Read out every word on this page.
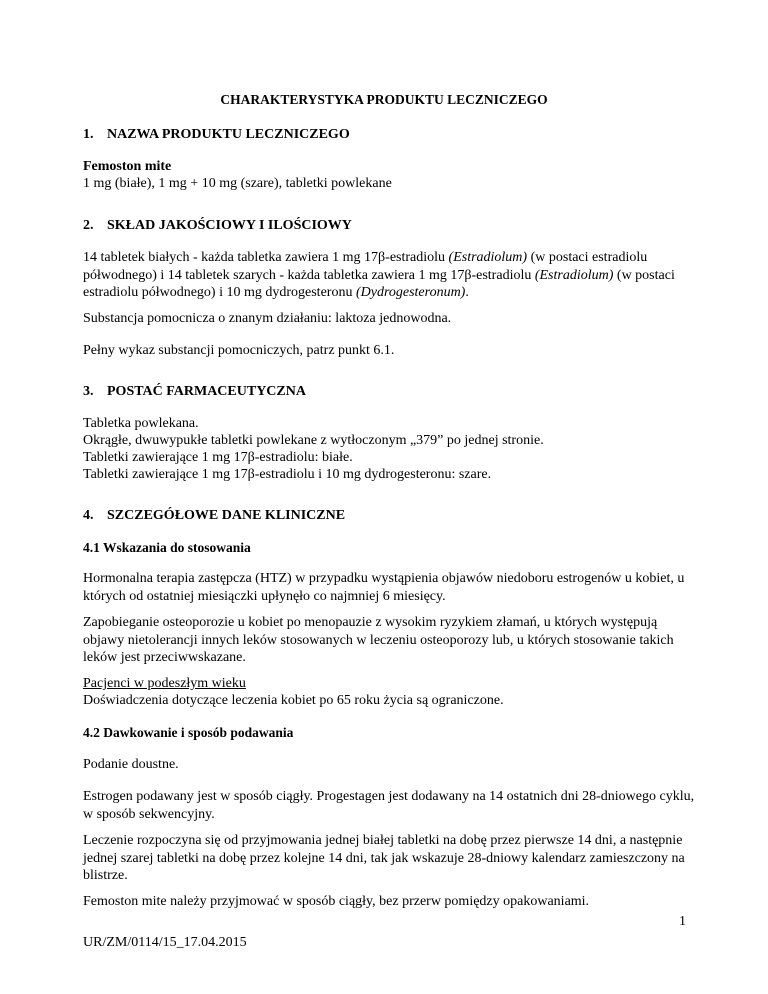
CHARAKTERYSTYKA PRODUKTU LECZNICZEGO
1. NAZWA PRODUKTU LECZNICZEGO
Femoston mite
1 mg (białe), 1 mg + 10 mg (szare), tabletki powlekane
2. SKŁAD JAKOŚCIOWY I ILOŚCIOWY

14 tabletek białych - każda tabletka zawiera 1 mg 17β-estradiolu (Estradiolum) (w postaci estradiolu półwodnego) i 14 tabletek szarych - każda tabletka zawiera 1 mg 17β-estradiolu (Estradiolum) (w postaci estradiolu półwodnego) i 10 mg dydrogesteronu (Dydrogesteronum).

Substancja pomocnicza o znanym działaniu: laktoza jednowodna.
Pełny wykaz substancji pomocniczych, patrz punkt 6.1.
3. POSTAĆ FARMACEUTYCZNA
Tabletka powlekana.
Okrągłe, dwuwypukłe tabletki powlekane z wytłoczonym „379” po jednej stronie.
Tabletki zawierające 1 mg 17β-estradiolu: białe.
Tabletki zawierające 1 mg 17β-estradiolu i 10 mg dydrogesteronu: szare.
4. SZCZEGÓŁOWE DANE KLINICZNE
4.1 Wskazania do stosowania

Hormonalna terapia zastępcza (HTZ) w przypadku wystąpienia objawów niedoboru estrogenów u kobiet, u których od ostatniej miesiączki upłynęło co najmniej 6 miesięcy.

Zapobieganie osteoporozie u kobiet po menopauzie z wysokim ryzykiem złamań, u których występują objawy nietolerancji innych leków stosowanych w leczeniu osteoporozy lub, u których stosowanie takich leków jest przeciwwskazane.

Pacjenci w podeszłym wieku
Doświadczenia dotyczące leczenia kobiet po 65 roku życia są ograniczone.
4.2 Dawkowanie i sposób podawania
Podanie doustne.

Estrogen podawany jest w sposób ciągły. Progestagen jest dodawany na 14 ostatnich dni 28-dniowego cyklu, w sposób sekwencyjny.

Leczenie rozpoczyna się od przyjmowania jednej białej tabletki na dobę przez pierwsze 14 dni, a następnie jednej szarej tabletki na dobę przez kolejne 14 dni, tak jak wskazuje 28-dniowy kalendarz zamieszczony na blistrze.

Femoston mite należy przyjmować w sposób ciągły, bez przerw pomiędzy opakowaniami.
1
UR/ZM/0114/15_17.04.2015
